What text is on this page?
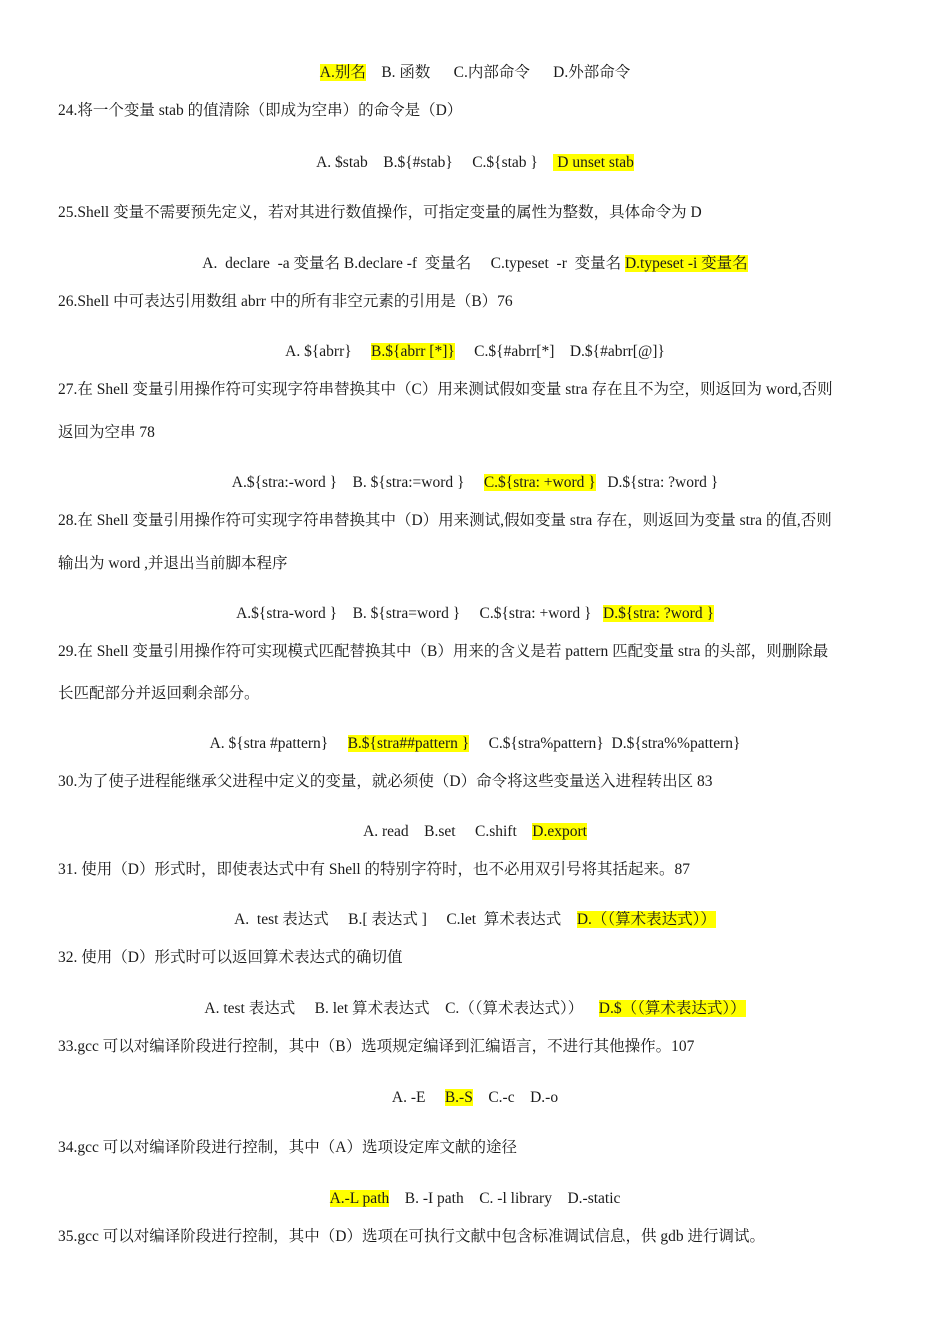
A.别名    B. 函数      C.内部命令      D.外部命令
24.将一个变量 stab 的值清除（即成为空串）的命令是（D）
A. $stab    B.${#stab}     C.${stab }     D unset stab
25.Shell 变量不需要预先定义，若对其进行数值操作，可指定变量的属性为整数，具体命令为 D
A.  declare  -a 变量名 B.declare -f  变量名     C.typeset  -r  变量名 D.typeset -i 变量名
26.Shell 中可表达引用数组 abrr 中的所有非空元素的引用是（B）76
A. ${abrr}     B.${abrr [*]}     C.${#abrr[*]    D.${#abrr[@]}
27.在 Shell 变量引用操作符可实现字符串替换其中（C）用来测试假如变量 stra 存在且不为空，则返回为 word,否则
返回为空串 78
A.${stra:-word }    B. ${stra:=word }     C.${stra: +word }   D.${stra: ?word }
28.在 Shell 变量引用操作符可实现字符串替换其中（D）用来测试,假如变量 stra 存在，则返回为变量 stra 的值,否则
输出为 word ,并退出当前脚本程序
A.${stra-word }    B. ${stra=word }     C.${stra: +word }   D.${stra: ?word }
29.在 Shell 变量引用操作符可实现模式匹配替换其中（B）用来的含义是若 pattern 匹配变量 stra 的头部，则删除最
长匹配部分并返回剩余部分。
A. ${stra #pattern}     B.${stra##pattern }     C.${stra%pattern}  D.${stra%%pattern}
30.为了使子进程能继承父进程中定义的变量，就必须使（D）命令将这些变量送入进程转出区 83
A. read    B.set     C.shift    D.export
31. 使用（D）形式时，即使表达式中有 Shell 的特别字符时，也不必用双引号将其括起来。87
A.  test 表达式     B.[ 表达式 ]     C.let  算术表达式    D.（（算术表达式））
32. 使用（D）形式时可以返回算术表达式的确切值
A. test 表达式     B. let 算术表达式    C.（（算术表达式））    D.$（（算术表达式））
33.gcc 可以对编译阶段进行控制，其中（B）选项规定编译到汇编语言，不进行其他操作。107
A. -E     B.-S    C.-c    D.-o
34.gcc 可以对编译阶段进行控制，其中（A）选项设定库文献的途径
A.-L path    B. -I path    C. -l library    D.-static
35.gcc 可以对编译阶段进行控制，其中（D）选项在可执行文献中包含标准调试信息，供 gdb 进行调试。
